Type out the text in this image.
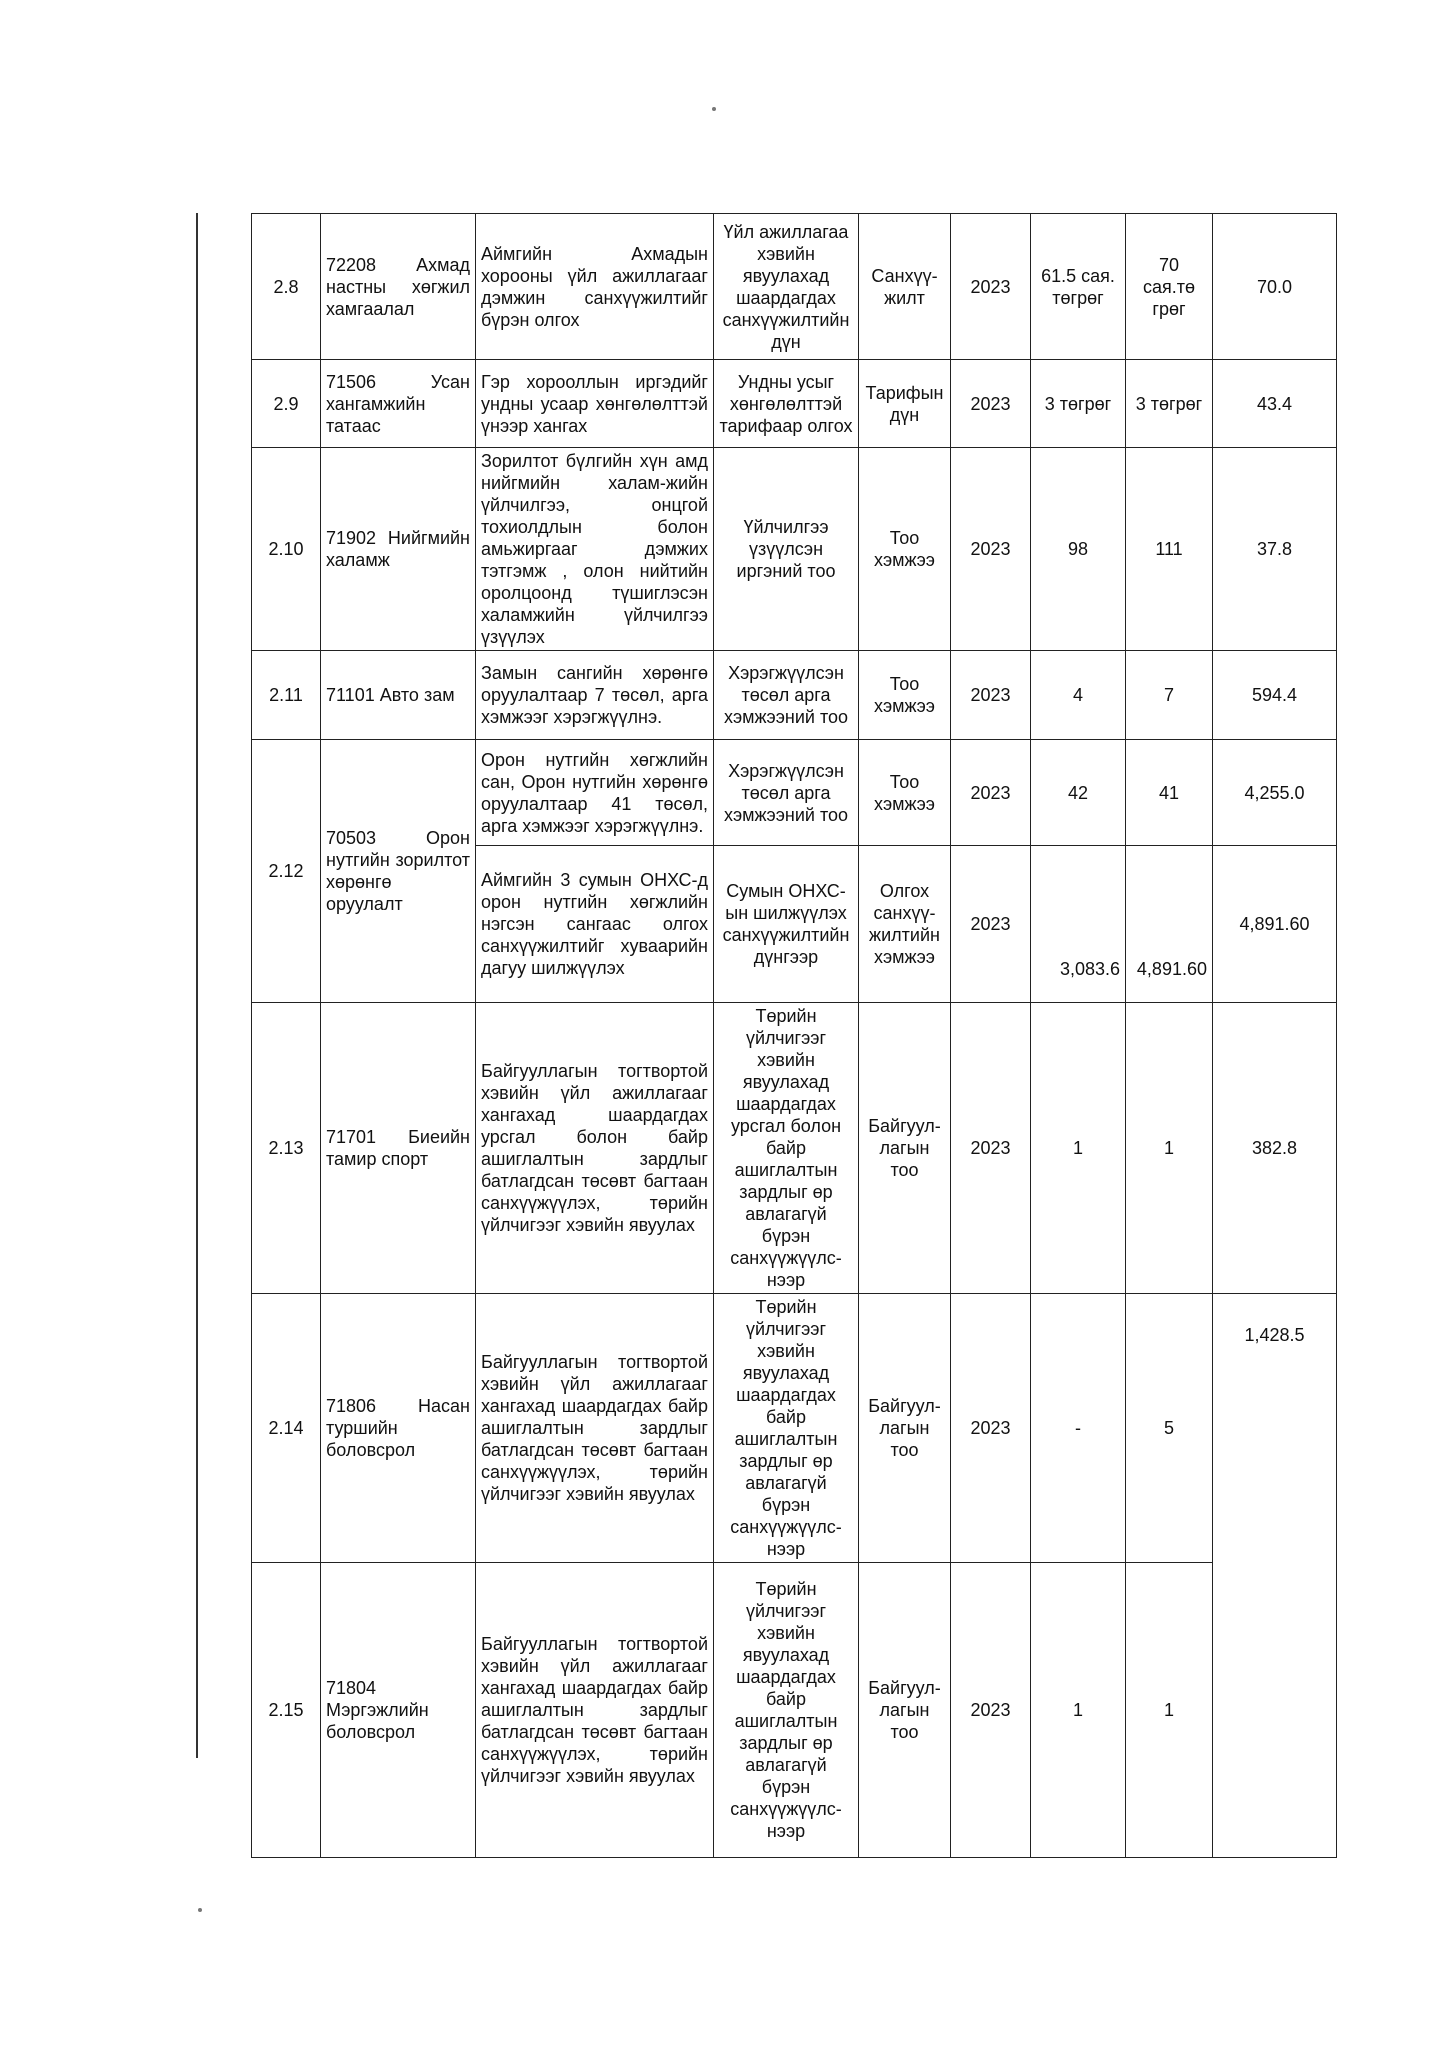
2.8	72208 Ахмад настны хөгжил хамгаалал	Аймгийн Ахмадын хорооны үйл ажиллагааг дэмжин санхүүжилтийг бүрэн олгох	Үйл ажиллагаа хэвийн явуулахад шаардагдах санхүүжилтийн дүн	Санхүү-жилт	2023	61.5 сая. төгрөг	70 сая.тө грөг	70.0
2.9	71506 Усан хангамжийн татаас	Гэр хорооллын иргэдийг ундны усаар хөнгөлөлттэй үнээр хангах	Ундны усыг хөнгөлөлттэй тарифаар олгох	Тарифын дүн	2023	3 төгрөг	3 төгрөг	43.4
2.10	71902 Нийгмийн халамж	Зорилтот бүлгийн хүн амд нийгмийн халам-жийн үйлчилгээ, онцгой тохиолдлын болон амьжиргааг дэмжих тэтгэмж , олон нийтийн оролцоонд түшиглэсэн халамжийн үйлчилгээ үзүүлэх	Үйлчилгээ үзүүлсэн иргэний тоо	Тоо хэмжээ	2023	98	111	37.8
2.11	71101 Авто зам	Замын сангийн хөрөнгө оруулалтаар 7 төсөл, арга хэмжээг хэрэгжүүлнэ.	Хэрэгжүүлсэн төсөл арга хэмжээний тоо	Тоо хэмжээ	2023	4	7	594.4
2.12	70503 Орон нутгийн зорилтот хөрөнгө оруулалт	Орон нутгийн хөгжлийн сан, Орон нутгийн хөрөнгө оруулалтаар 41 төсөл, арга хэмжээг хэрэгжүүлнэ.	Хэрэгжүүлсэн төсөл арга хэмжээний тоо	Тоо хэмжээ	2023	42	41	4,255.0
		Аймгийн 3 сумын ОНХС-д орон нутгийн хөгжлийн нэгсэн сангаас олгох санхүүжилтийг хуваарийн дагуу шилжүүлэх	Сумын ОНХС-ын шилжүүлэх санхүүжилтийн дүнгээр	Олгох санхүү-жилтийн хэмжээ	2023	3,083.6	4,891.60	4,891.60
2.13	71701 Биеийн тамир спорт	Байгууллагын тогтвортой хэвийн үйл ажиллагааг хангахад шаардагдах урсгал болон байр ашиглалтын зардлыг батлагдсан төсөвт багтаан санхүүжүүлэх, төрийн үйлчигээг хэвийн явуулах	Төрийн үйлчигээг хэвийн явуулахад шаардагдах урсгал болон байр ашиглалтын зардлыг өр авлагагүй бүрэн санхүүжүүлс-нээр	Байгуул-лагын тоо	2023	1	1	382.8
2.14	71806 Насан туршийн боловсрол	Байгууллагын тогтвортой хэвийн үйл ажиллагааг хангахад шаардагдах байр ашиглалтын зардлыг батлагдсан төсөвт багтаан санхүүжүүлэх, төрийн үйлчигээг хэвийн явуулах	Төрийн үйлчигээг хэвийн явуулахад шаардагдах байр ашиглалтын зардлыг өр авлагагүй бүрэн санхүүжүүлс-нээр	Байгуул-лагын тоо	2023	-	5	1,428.5
2.15	71804 Мэргэжлийн боловсрол	Байгууллагын тогтвортой хэвийн үйл ажиллагааг хангахад шаардагдах байр ашиглалтын зардлыг батлагдсан төсөвт багтаан санхүүжүүлэх, төрийн үйлчигээг хэвийн явуулах	Төрийн үйлчигээг хэвийн явуулахад шаардагдах байр ашиглалтын зардлыг өр авлагагүй бүрэн санхүүжүүлс-нээр	Байгуул-лагын тоо	2023	1	1	
